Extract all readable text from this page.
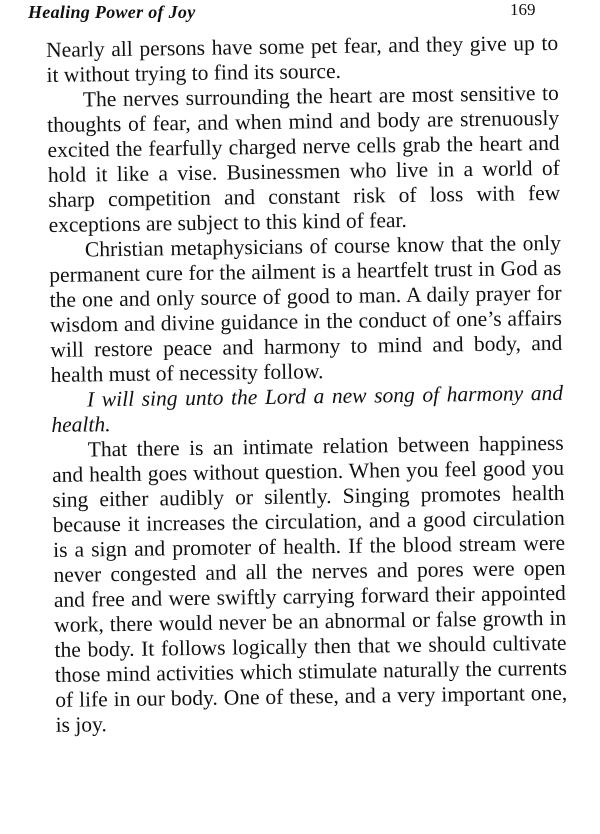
Healing Power of Joy	169

Nearly all persons have some pet fear, and they give up to it without trying to find its source.

The nerves surrounding the heart are most sensitive to thoughts of fear, and when mind and body are strenuously excited the fearfully charged nerve cells grab the heart and hold it like a vise. Businessmen who live in a world of sharp competition and constant risk of loss with few exceptions are subject to this kind of fear.

Christian metaphysicians of course know that the only permanent cure for the ailment is a heartfelt trust in God as the one and only source of good to man. A daily prayer for wisdom and divine guidance in the conduct of one’s affairs will restore peace and harmony to mind and body, and health must of necessity follow.

I will sing unto the Lord a new song of harmony and health.

That there is an intimate relation between happiness and health goes without question. When you feel good you sing either audibly or silently. Singing promotes health because it increases the circulation, and a good circulation is a sign and promoter of health. If the blood stream were never congested and all the nerves and pores were open and free and were swiftly carrying forward their appointed work, there would never be an abnormal or false growth in the body. It follows logically then that we should cultivate those mind activities which stimulate naturally the currents of life in our body. One of these, and a very important one, is joy.
